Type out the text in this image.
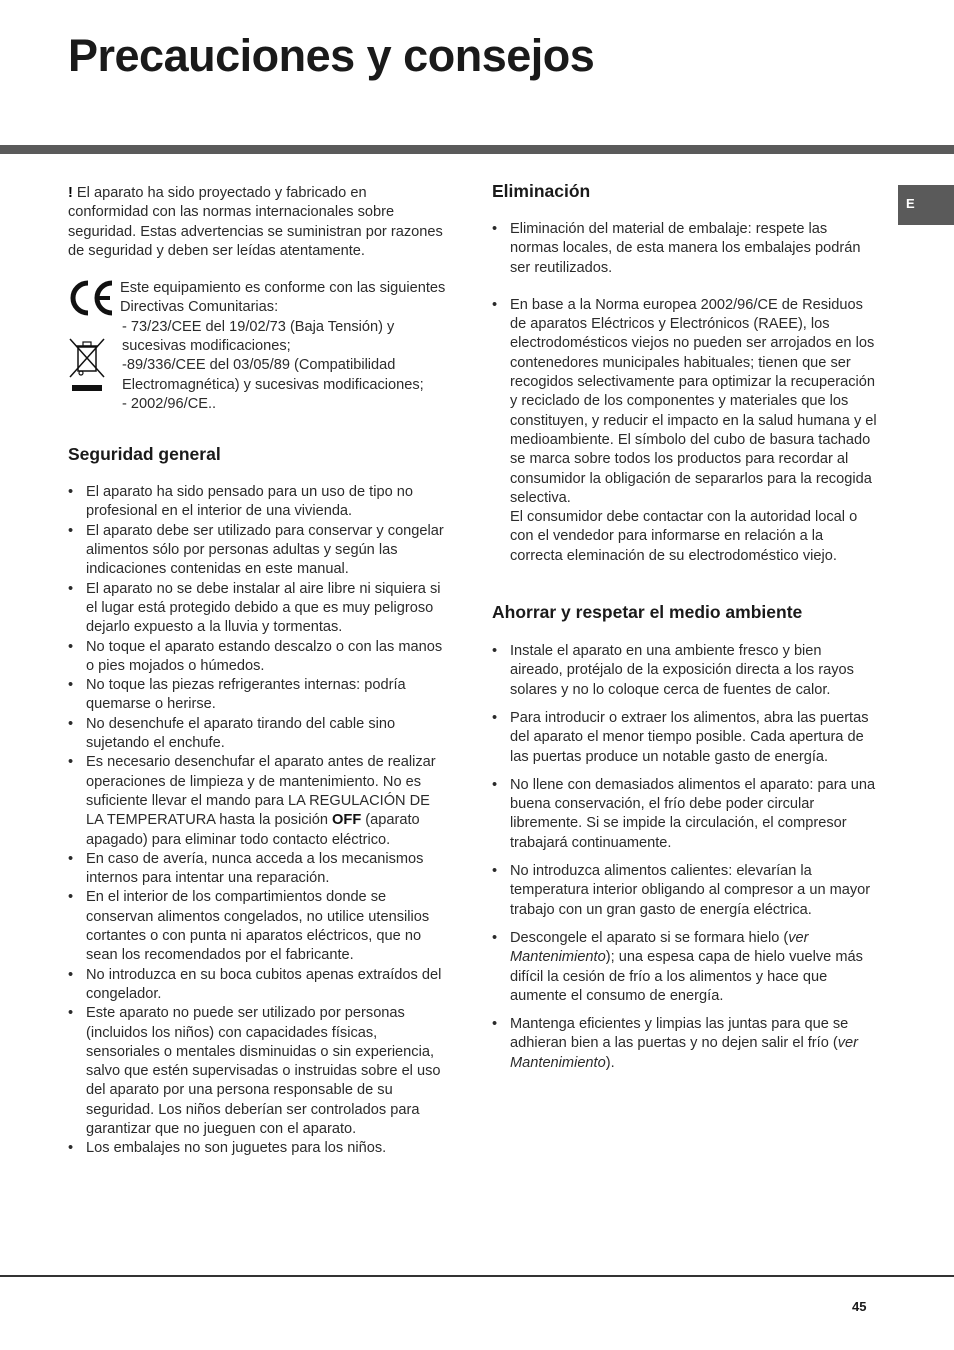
Precauciones y consejos
E

! El aparato ha sido proyectado y fabricado en conformidad con las normas internacionales sobre seguridad. Estas advertencias se suministran por razones de seguridad y deben ser leídas atentamente.

Este equipamiento es conforme con las siguientes Directivas Comunitarias:

- 73/23/CEE del 19/02/73 (Baja Tensión) y sucesivas modificaciones;

-89/336/CEE del 03/05/89 (Compatibilidad Electromagnética) y sucesivas modificaciones;

- 2002/96/CE..

Seguridad general
• El aparato ha sido pensado para un uso de tipo no profesional en el interior de una vivienda.
• El aparato debe ser utilizado para conservar y congelar alimentos sólo por personas adultas y según las indicaciones contenidas en este manual.
• El aparato no se debe instalar al aire libre ni siquiera si el lugar está protegido debido a que es muy peligroso dejarlo expuesto a la lluvia y tormentas.
• No toque el aparato estando descalzo o con las manos o pies mojados o húmedos.
• No toque las piezas refrigerantes internas: podría quemarse o herirse.
• No desenchufe el aparato tirando del cable sino sujetando el enchufe.
• Es necesario desenchufar el aparato antes de realizar operaciones de limpieza y de mantenimiento. No es suficiente llevar el mando para LA REGULACIÓN DE LA TEMPERATURA hasta la posición OFF (aparato apagado) para eliminar todo contacto eléctrico.
• En caso de avería, nunca acceda a los mecanismos internos para intentar una reparación.
• En el interior de los compartimientos donde se conservan alimentos congelados, no utilice utensilios cortantes o con punta ni aparatos eléctricos, que no sean los recomendados por el fabricante.
• No introduzca en su boca cubitos apenas extraídos del congelador.
• Este aparato no puede ser utilizado por personas (incluidos los niños) con capacidades físicas, sensoriales o mentales disminuidas o sin experiencia, salvo que estén supervisadas o instruidas sobre el uso del aparato por una persona responsable de su seguridad. Los niños deberían ser controlados para garantizar que no jueguen con el aparato.
• Los embalajes no son juguetes para los niños.
Eliminación
• Eliminación del material de embalaje: respete las normas locales, de esta manera los embalajes podrán ser reutilizados.
• En base a la Norma europea 2002/96/CE de Residuos de aparatos Eléctricos y Electrónicos (RAEE), los electrodomésticos viejos no pueden ser arrojados en los contenedores municipales habituales; tienen que ser recogidos selectivamente para optimizar la recuperación y reciclado de los componentes y materiales que los constituyen, y reducir el impacto en la salud humana y el medioambiente. El símbolo del cubo de basura tachado se marca sobre todos los productos para recordar al consumidor la obligación de separarlos para la recogida selectiva.
El consumidor debe contactar con la autoridad local o con el vendedor para informarse en relación a la correcta eleminación de su electrodoméstico viejo.
Ahorrar y respetar el medio ambiente
• Instale el aparato en una ambiente fresco y bien aireado, protéjalo de la exposición directa a los rayos solares y no lo coloque cerca de fuentes de calor.
• Para introducir o extraer los alimentos, abra las puertas del aparato el menor tiempo posible. Cada apertura de las puertas produce un notable gasto de energía.
• No llene con demasiados alimentos el aparato: para una buena conservación, el frío debe poder circular libremente. Si se impide la circulación, el compresor trabajará continuamente.
• No introduzca alimentos calientes: elevarían la temperatura interior obligando al compresor a un mayor trabajo con un gran gasto de energía eléctrica.
• Descongele el aparato si se formara hielo (ver Mantenimiento); una espesa capa de hielo vuelve más difícil la cesión de frío a los alimentos y hace que aumente el consumo de energía.
• Mantenga eficientes y limpias las juntas para que se adhieran bien a las puertas y no dejen salir el frío (ver Mantenimiento).
45
